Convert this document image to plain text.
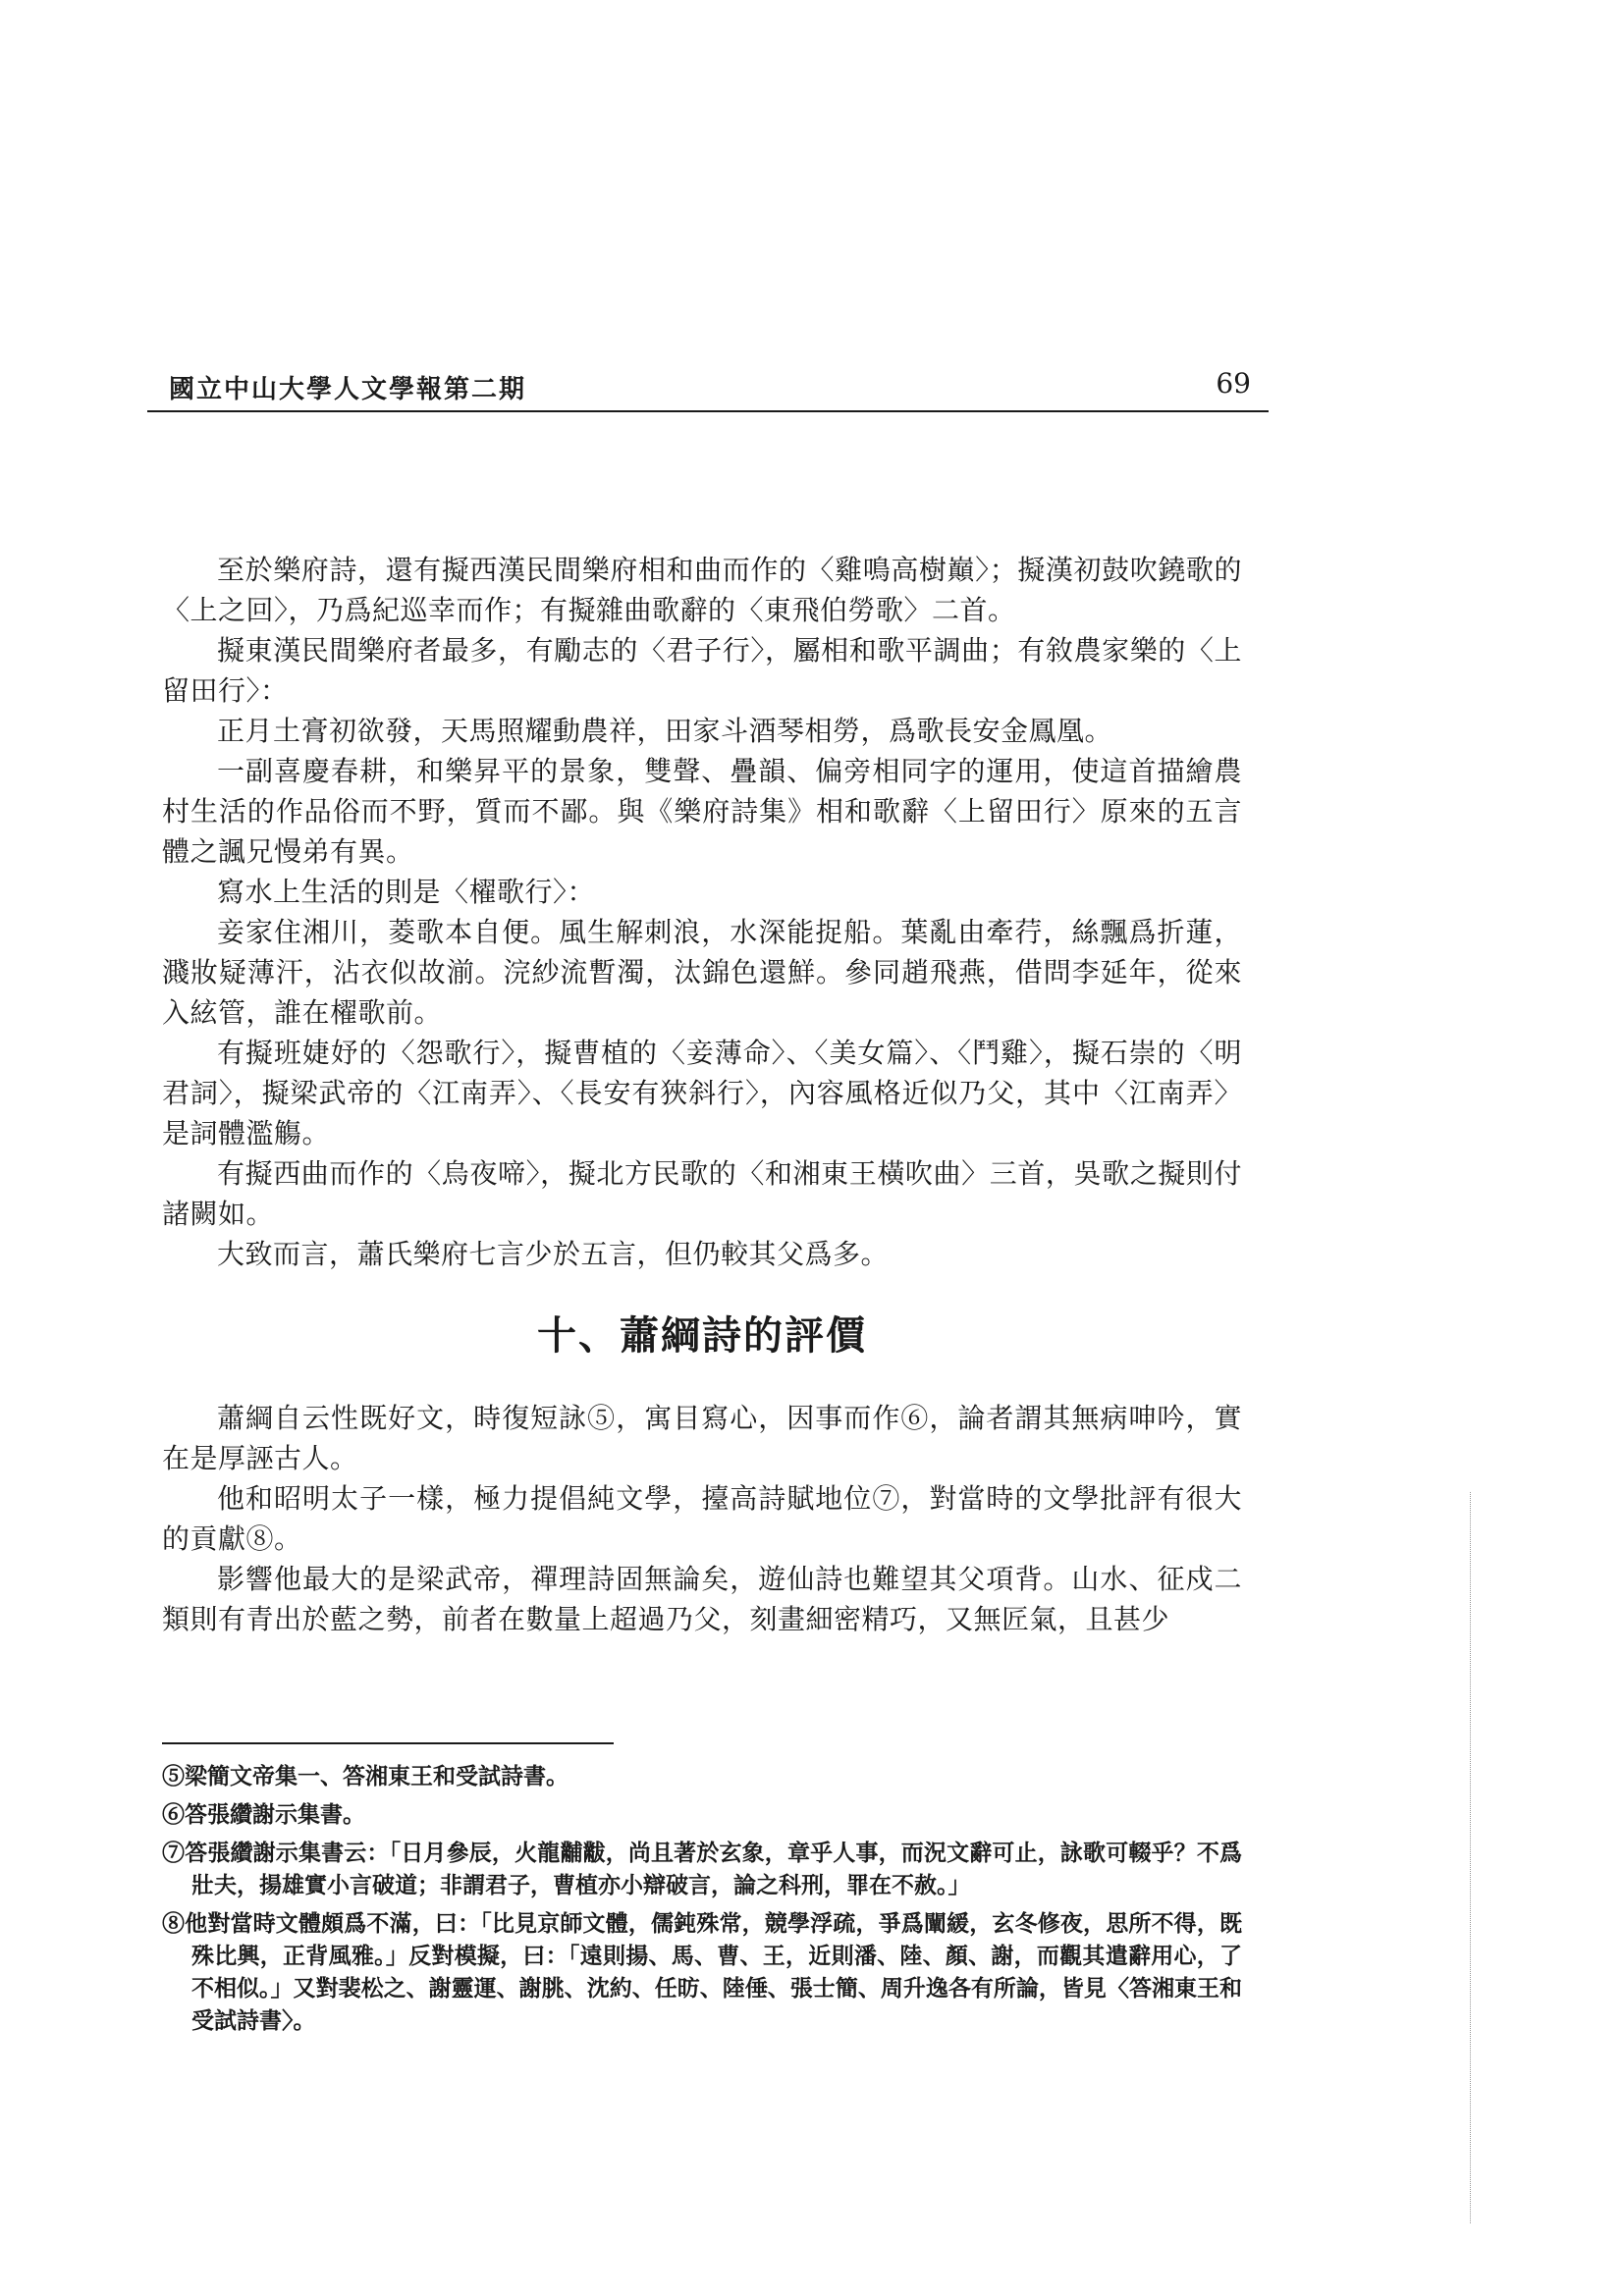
國立中山大學人文學報第二期	69

至於樂府詩，還有擬西漢民間樂府相和曲而作的〈雞鳴高樹巔〉；擬漢初鼓吹鐃歌的〈上之回〉，乃爲紀巡幸而作；有擬雜曲歌辭的〈東飛伯勞歌〉二首。

擬東漢民間樂府者最多，有勵志的〈君子行〉，屬相和歌平調曲；有敘農家樂的〈上留田行〉：

正月土膏初欲發，天馬照耀動農祥，田家斗酒琴相勞，爲歌長安金鳳凰。

一副喜慶春耕，和樂昇平的景象，雙聲、疊韻、偏旁相同字的運用，使這首描繪農村生活的作品俗而不野，質而不鄙。與《樂府詩集》相和歌辭〈上留田行〉原來的五言體之諷兄慢弟有異。

寫水上生活的則是〈櫂歌行〉：

妾家住湘川，菱歌本自便。風生解刺浪，水深能捉船。葉亂由牽荇，絲飄爲折蓮，濺妝疑薄汗，沾衣似故湔。浣紗流暫濁，汰錦色還鮮。參同趙飛燕，借問李延年，從來入絃管，誰在櫂歌前。

有擬班婕妤的〈怨歌行〉，擬曹植的〈妾薄命〉、〈美女篇〉、〈鬥雞〉，擬石崇的〈明君詞〉，擬梁武帝的〈江南弄〉、〈長安有狹斜行〉，內容風格近似乃父，其中〈江南弄〉是詞體濫觴。

有擬西曲而作的〈烏夜啼〉，擬北方民歌的〈和湘東王橫吹曲〉三首，吳歌之擬則付諸闕如。

大致而言，蕭氏樂府七言少於五言，但仍較其父爲多。

十、蕭綱詩的評價

蕭綱自云性既好文，時復短詠⑤，寓目寫心，因事而作⑥，論者謂其無病呻吟，實在是厚誣古人。

他和昭明太子一樣，極力提倡純文學，擡高詩賦地位⑦，對當時的文學批評有很大的貢獻⑧。

影響他最大的是梁武帝，禪理詩固無論矣，遊仙詩也難望其父項背。山水、征戍二類則有青出於藍之勢，前者在數量上超過乃父，刻畫細密精巧，又無匠氣，且甚少

⑤梁簡文帝集一、答湘東王和受試詩書。

⑥答張纘謝示集書。

⑦答張纘謝示集書云：「日月參辰，火龍黼黻，尚且著於玄象，章乎人事，而況文辭可止，詠歌可輟乎？不爲壯夫，揚雄實小言破道；非謂君子，曹植亦小辯破言，論之科刑，罪在不赦。」

⑧他對當時文體頗爲不滿，曰：「比見京師文體，儒鈍殊常，競學浮疏，爭爲闡緩，玄冬修夜，思所不得，既殊比興，正背風雅。」反對模擬，曰：「遠則揚、馬、曹、王，近則潘、陸、顏、謝，而觀其遣辭用心，了不相似。」又對裴松之、謝靈運、謝朓、沈約、任昉、陸倕、張士簡、周升逸各有所論，皆見〈答湘東王和受試詩書〉。
